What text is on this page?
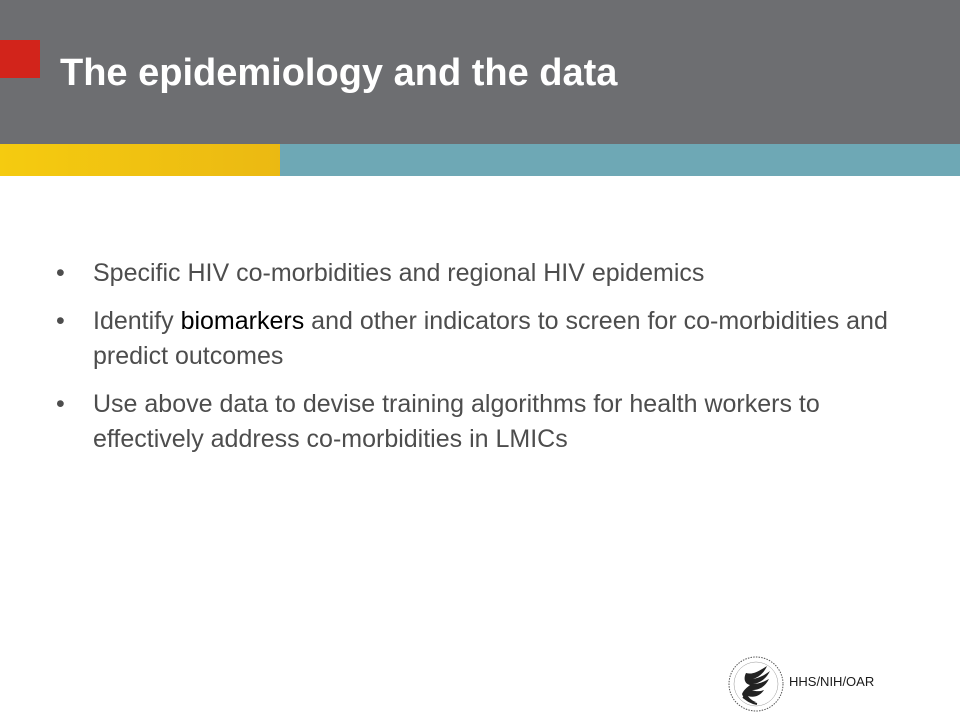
The epidemiology and the data
• Specific HIV co-morbidities and regional HIV epidemics
• Identify biomarkers and other indicators to screen for co-morbidities and predict outcomes
• Use above data to devise training algorithms for health workers to effectively address co-morbidities in LMICs
HHS/NIH/OAR
